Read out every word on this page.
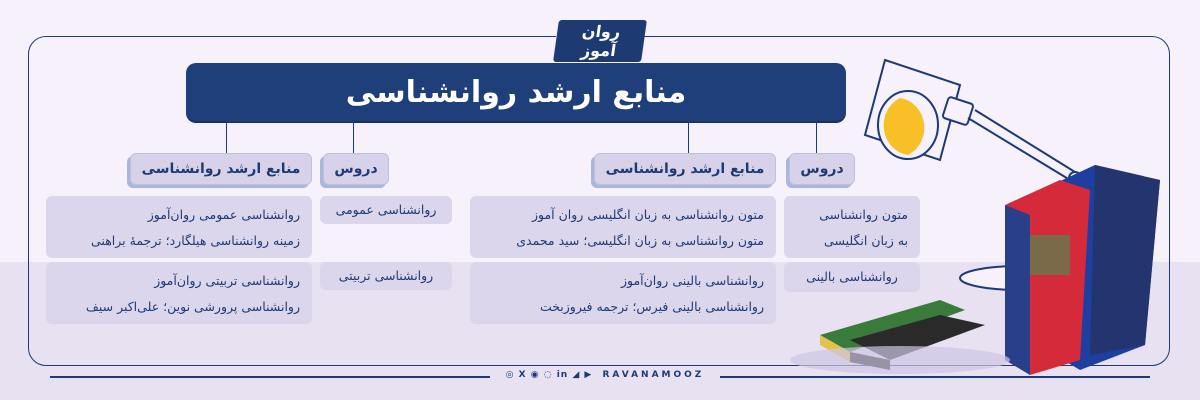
روان آموز
منابع ارشد روانشناسی
دروس
منابع ارشد روانشناسی
متون روانشناسی
به زبان انگلیسی
متون روانشناسی به زبان انگلیسی روان آموز
متون روانشناسی به زبان انگلیسی؛ سید محمدی
روانشناسی بالینی
روانشناسی بالینی روان‌آموز
روانشناسی بالینی فیرس؛ ترجمه فیروزبخت
دروس
منابع ارشد روانشناسی
روانشناسی عمومی
روانشناسی عمومی روان‌آموز
زمینه روانشناسی هیلگارد؛ ترجمهٔ براهنی
روانشناسی تربیتی
روانشناسی تربیتی روان‌آموز
روانشناسی پرورشی نوین؛ علی‌اکبر سیف
◎ X ◉ ◌ in ◢ ▶ RAVANAMOOZ
